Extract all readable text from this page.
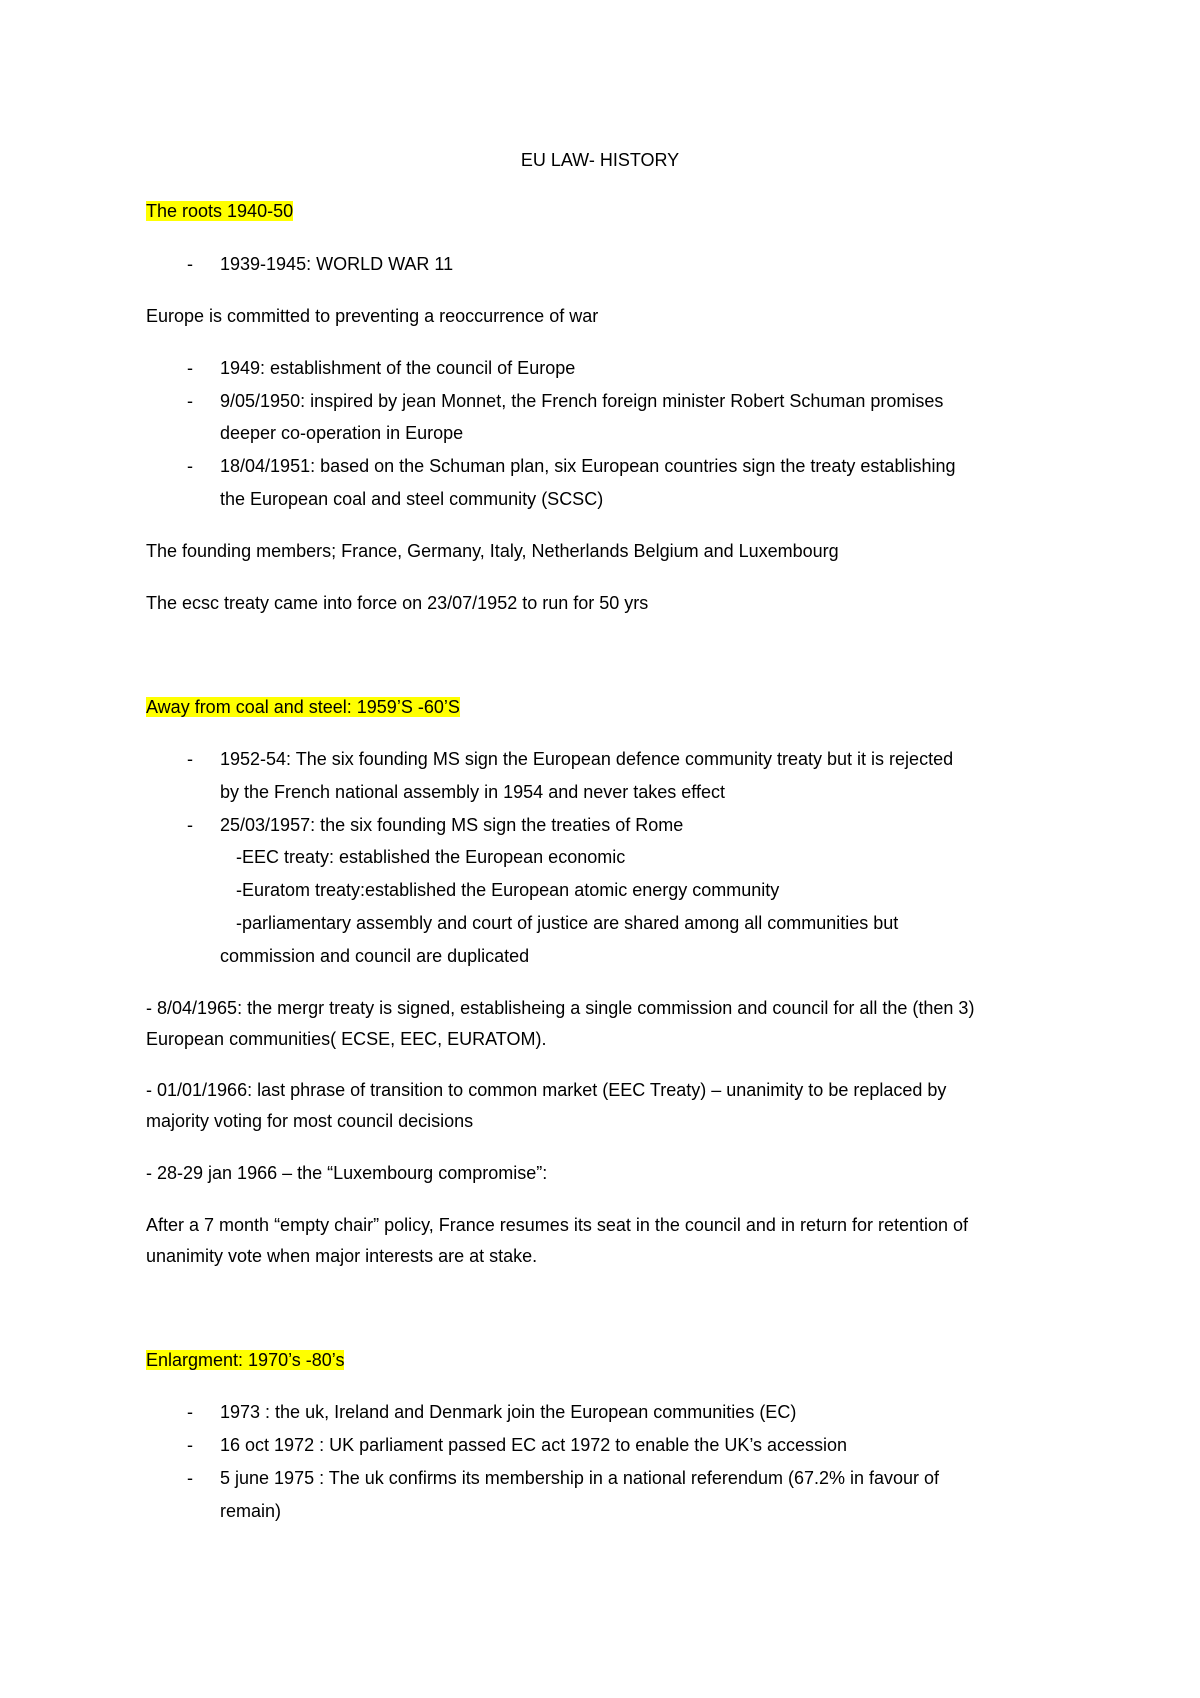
EU LAW- HISTORY
The roots 1940-50
- 1939-1945: WORLD WAR 11
Europe is committed to preventing a reoccurrence of war
- 1949: establishment of the council of Europe
- 9/05/1950: inspired by jean Monnet, the French foreign minister Robert Schuman promises
deeper co-operation in Europe
- 18/04/1951: based on the Schuman plan, six European countries sign the treaty establishing
the European coal and steel community (SCSC)
The founding members; France, Germany, Italy, Netherlands Belgium and Luxembourg
The ecsc treaty came into force on 23/07/1952 to run for 50 yrs
Away from coal and steel: 1959’S -60’S
- 1952-54: The six founding MS sign the European defence community treaty but it is rejected
by the French national assembly in 1954 and never takes effect
- 25/03/1957: the six founding MS sign the treaties of Rome
-EEC treaty: established the European economic
-Euratom treaty:established the European atomic energy community
-parliamentary assembly and court of justice are shared among all communities but
commission and council are duplicated
- 8/04/1965: the mergr treaty is signed, establisheing a single commission and council for all the (then 3)
European communities( ECSE, EEC, EURATOM).
- 01/01/1966: last phrase of transition to common market (EEC Treaty) – unanimity to be replaced by
majority voting for most council decisions
- 28-29 jan 1966 – the “Luxembourg compromise”:
After a 7 month “empty chair” policy, France resumes its seat in the council and in return for retention of
unanimity vote when major interests are at stake.
Enlargment: 1970’s -80’s
- 1973 : the uk, Ireland and Denmark join the European communities (EC)
- 16 oct 1972 : UK parliament passed EC act 1972 to enable the UK’s accession
- 5 june 1975 : The uk confirms its membership in a national referendum (67.2% in favour of
remain)
